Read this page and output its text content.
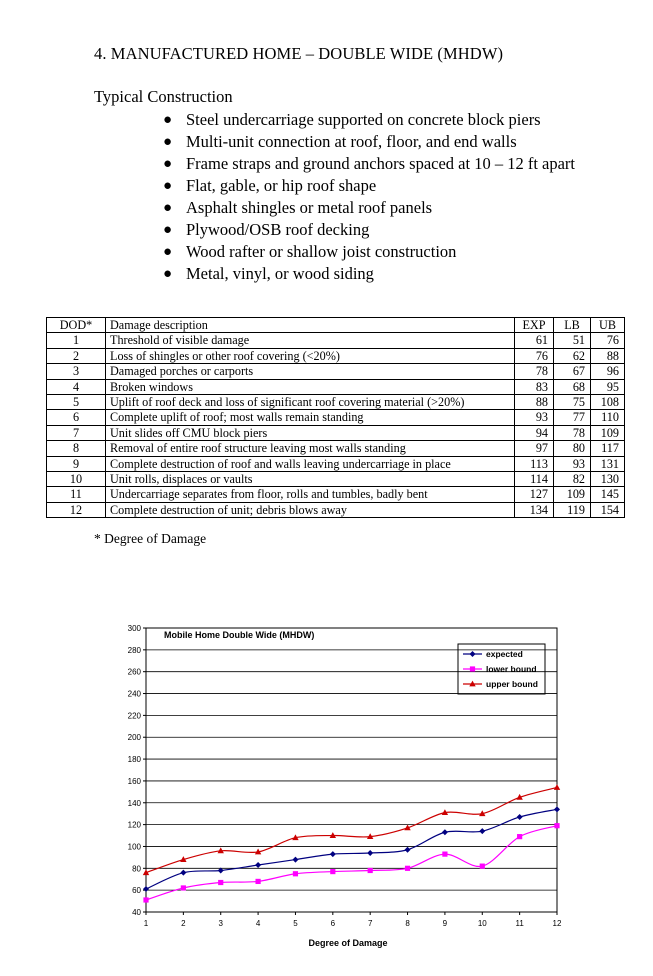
4. MANUFACTURED HOME – DOUBLE WIDE (MHDW)
Typical Construction
● Steel undercarriage supported on concrete block piers
● Multi-unit connection at roof, floor, and end walls
● Frame straps and ground anchors spaced at 10 – 12 ft apart
● Flat, gable, or hip roof shape
● Asphalt shingles or metal roof panels
● Plywood/OSB roof decking
● Wood rafter or shallow joist construction
● Metal, vinyl, or wood siding
DOD*	Damage description	EXP	LB	UB
1	Threshold of visible damage	61	51	76
2	Loss of shingles or other roof covering (<20%)	76	62	88
3	Damaged porches or carports	78	67	96
4	Broken windows	83	68	95
5	Uplift of roof deck and loss of significant roof covering material (>20%)	88	75	108
6	Complete uplift of roof; most walls remain standing	93	77	110
7	Unit slides off CMU block piers	94	78	109
8	Removal of entire roof structure leaving most walls standing	97	80	117
9	Complete destruction of roof and walls leaving undercarriage in place	113	93	131
10	Unit rolls, displaces or vaults	114	82	130
11	Undercarriage separates from floor, rolls and tumbles, badly bent	127	109	145
12	Complete destruction of unit; debris blows away	134	119	154
* Degree of Damage
40
60
80
100
120
140
160
180
200
220
240
260
280
300
1	2	3	4	5	6	7	8	9	10	11	12
Mobile Home Double Wide (MHDW)
expected
lower bound
upper bound
Degree of Damage
